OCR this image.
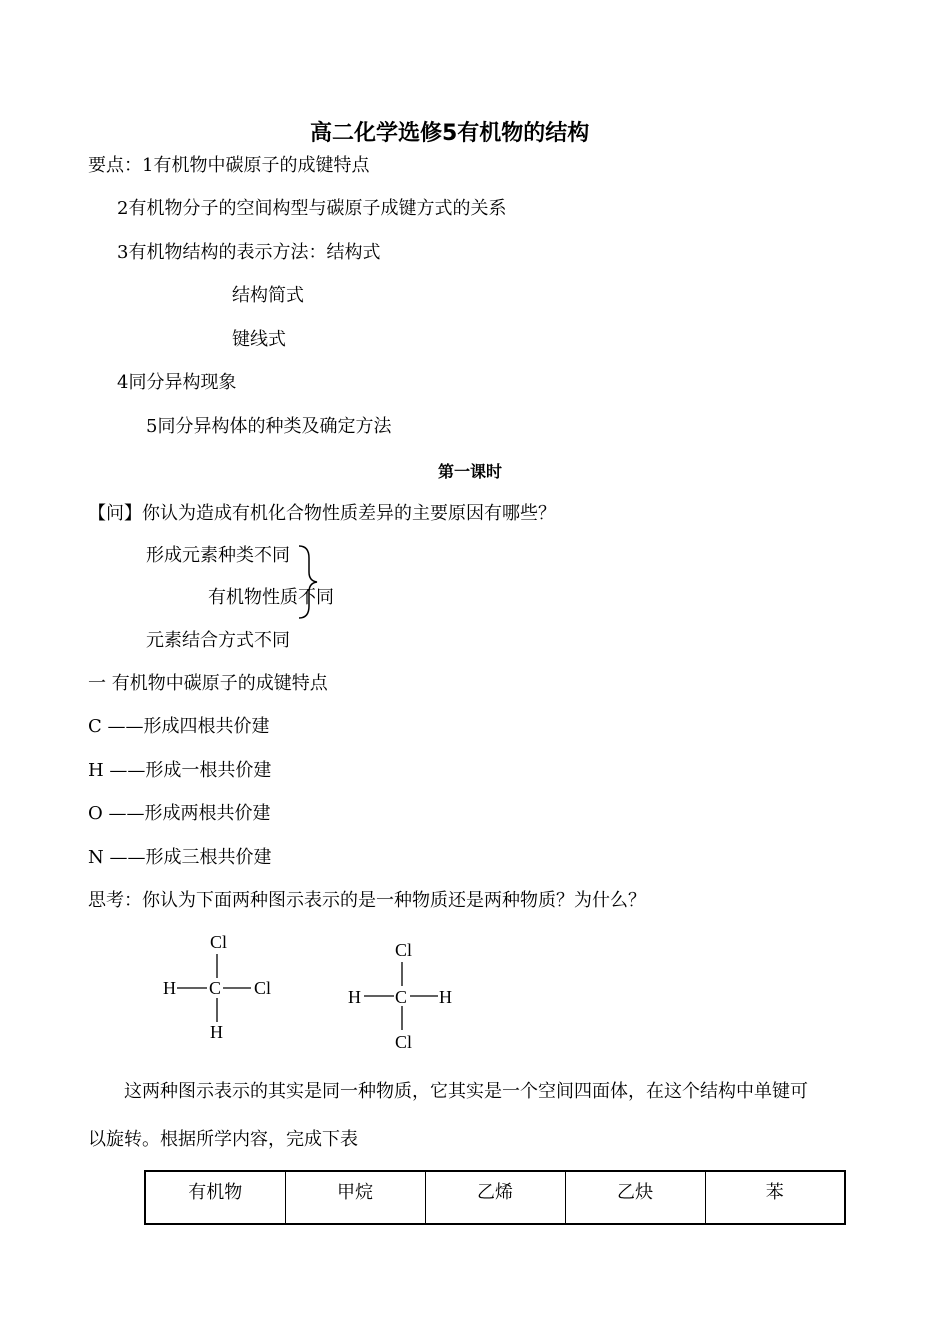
高二化学选修5有机物的结构
要点：1有机物中碳原子的成键特点
2有机物分子的空间构型与碳原子成键方式的关系
3有机物结构的表示方法：结构式
结构简式
键线式
4同分异构现象
5同分异构体的种类及确定方法
第一课时
【问】你认为造成有机化合物性质差异的主要原因有哪些？
形成元素种类不同
有机物性质不同
元素结合方式不同
一 有机物中碳原子的成键特点
C ——形成四根共价建
H ——形成一根共价建
O ——形成两根共价建
N ——形成三根共价建
思考：你认为下面两种图示表示的是一种物质还是两种物质？为什么？
Cl
H C Cl
H
Cl
H C H
Cl
这两种图示表示的其实是同一种物质，它其实是一个空间四面体，在这个结构中单键可
以旋转。根据所学内容，完成下表
有机物	甲烷	乙烯	乙炔	苯
